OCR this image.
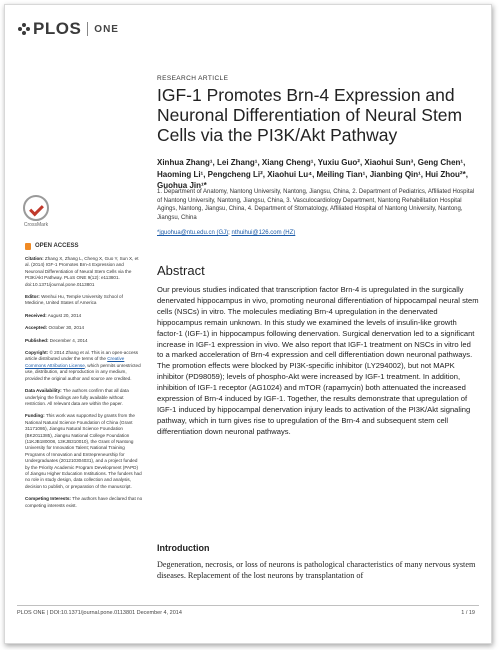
PLOS ONE
CrossMark
RESEARCH ARTICLE
IGF-1 Promotes Brn-4 Expression and Neuronal Differentiation of Neural Stem Cells via the PI3K/Akt Pathway
Xinhua Zhang¹, Lei Zhang¹, Xiang Cheng¹, Yuxiu Guo², Xiaohui Sun³, Geng Chen¹, Haoming Li¹, Pengcheng Li², Xiaohui Lu⁴, Meiling Tian¹, Jianbing Qin¹, Hui Zhou²*, Guohua Jin¹*
1. Department of Anatomy, Nantong University, Nantong, Jiangsu, China, 2. Department of Pediatrics, Affiliated Hospital of Nantong University, Nantong, Jiangsu, China, 3. Vasculocardiology Department, Nantong Rehabilitation Hospital Agings, Nantong, Jiangsu, China, 4. Department of Stomatology, Affiliated Hospital of Nantong University, Nantong, Jiangsu, China
*jguohua@ntu.edu.cn (GJ); nthuihui@126.com (HZ)
OPEN ACCESS

Citation: Zhang X, Zhang L, Cheng X, Guo Y, Sun X, et al. (2014) IGF-1 Promotes Brn-4 Expression and Neuronal Differentiation of Neural Stem Cells via the PI3K/Akt Pathway. PLoS ONE 9(12): e113801. doi:10.1371/journal.pone.0113801

Editor: Wenhui Hu, Temple University School of Medicine, United States of America

Received: August 20, 2014

Accepted: October 30, 2014

Published: December 4, 2014

Copyright: © 2014 Zhang et al. This is an open-access article distributed under the terms of the Creative Commons Attribution License, which permits unrestricted use, distribution, and reproduction in any medium, provided the original author and source are credited.

Data Availability: The authors confirm that all data underlying the findings are fully available without restriction. All relevant data are within the paper.

Funding: This work was supported by grants from the National Natural Science Foundation of China (Grant 31171086), Jiangsu Natural Science Foundation (BK2011385), Jiangsu National College Foundation (11KJB180008, 13KJB310010), the Grant of Nantong University for Innovation Talent; National Training Programs of Innovation and Entrepreneurship for Undergraduates (201210304031), and a project funded by the Priority Academic Program Development (PAPD) of Jiangsu Higher Education Institutions. The funders had no role in study design, data collection and analysis, decision to publish, or preparation of the manuscript.

Competing Interests: The authors have declared that no competing interests exist.

Abstract
Our previous studies indicated that transcription factor Brn-4 is upregulated in the surgically denervated hippocampus in vivo, promoting neuronal differentiation of hippocampal neural stem cells (NSCs) in vitro. The molecules mediating Brn-4 upregulation in the denervated hippocampus remain unknown. In this study we examined the levels of insulin-like growth factor-1 (IGF-1) in hippocampus following denervation. Surgical denervation led to a significant increase in IGF-1 expression in vivo. We also report that IGF-1 treatment on NSCs in vitro led to a marked acceleration of Brn-4 expression and cell differentiation down neuronal pathways. The promotion effects were blocked by PI3K-specific inhibitor (LY294002), but not MAPK inhibitor (PD98059); levels of phospho-Akt were increased by IGF-1 treatment. In addition, inhibition of IGF-1 receptor (AG1024) and mTOR (rapamycin) both attenuated the increased expression of Brn-4 induced by IGF-1. Together, the results demonstrate that upregulation of IGF-1 induced by hippocampal denervation injury leads to activation of the PI3K/Akt signaling pathway, which in turn gives rise to upregulation of the Brn-4 and subsequent stem cell differentiation down neuronal pathways.
Introduction
Degeneration, necrosis, or loss of neurons is pathological characteristics of many nervous system diseases. Replacement of the lost neurons by transplantation of
PLOS ONE | DOI:10.1371/journal.pone.0113801 December 4, 2014	1 / 19
